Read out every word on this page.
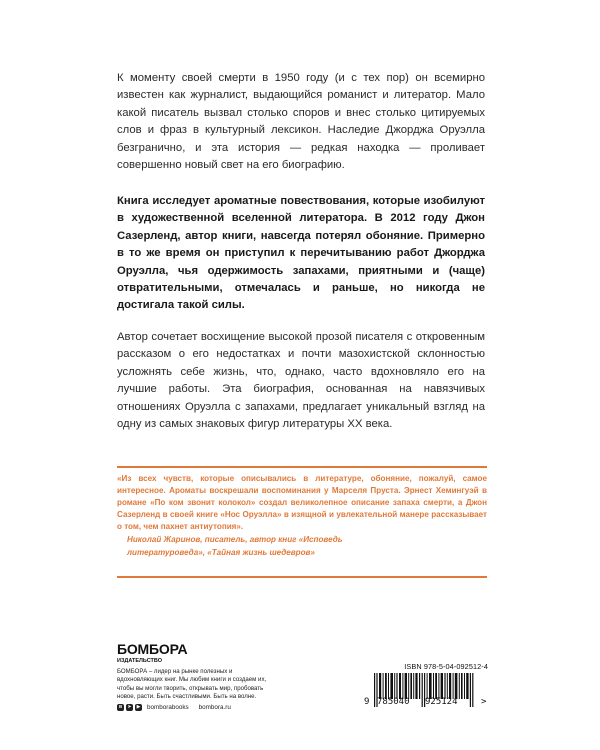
К моменту своей смерти в 1950 году (и с тех пор) он всемирно известен как журналист, выдающийся романист и литератор. Мало какой писатель вызвал столько споров и внес столько цитируемых слов и фраз в культурный лексикон. Наследие Джорджа Оруэлла безгранично, и эта история — редкая находка — проливает совершенно новый свет на его биографию.

Книга исследует ароматные повествования, которые изобилуют в художественной вселенной литератора. В 2012 году Джон Сазерленд, автор книги, навсегда потерял обоняние. Примерно в то же время он приступил к перечитыванию работ Джорджа Оруэлла, чья одержимость запахами, приятными и (чаще) отвратительными, отмечалась и раньше, но никогда не достигала такой силы.

Автор сочетает восхищение высокой прозой писателя с откровенным рассказом о его недостатках и почти мазохистской склонностью усложнять себе жизнь, что, однако, часто вдохновляло его на лучшие работы. Эта биография, основанная на навязчивых отношениях Оруэлла с запахами, предлагает уникальный взгляд на одну из самых знаковых фигур литературы XX века.

«Из всех чувств, которые описывались в литературе, обоняние, пожалуй, самое интересное. Ароматы воскрешали воспоминания у Марселя Пруста. Эрнест Хемингуэй в романе «По ком звонит колокол» создал великолепное описание запаха смерти, а Джон Сазерленд в своей книге «Нос Оруэлла» в изящной и увлекательной манере рассказывает о том, чем пахнет антиутопия».

Николай Жаринов, писатель, автор книг «Исповедь
литературоведа», «Тайная жизнь шедевров»
БОМБОРА
ИЗДАТЕЛЬСТВО

БОМБОРА – лидер на рынке полезных и вдохновляющих книг. Мы любим книги и создаем их, чтобы вы могли творить, открывать мир, пробовать новое, расти. Быть счастливыми. Быть на волне.

в	➤ ▶ bomborabooks bombora.ru
ISBN 978-5-04-092512-4
9 785040 925124	>
